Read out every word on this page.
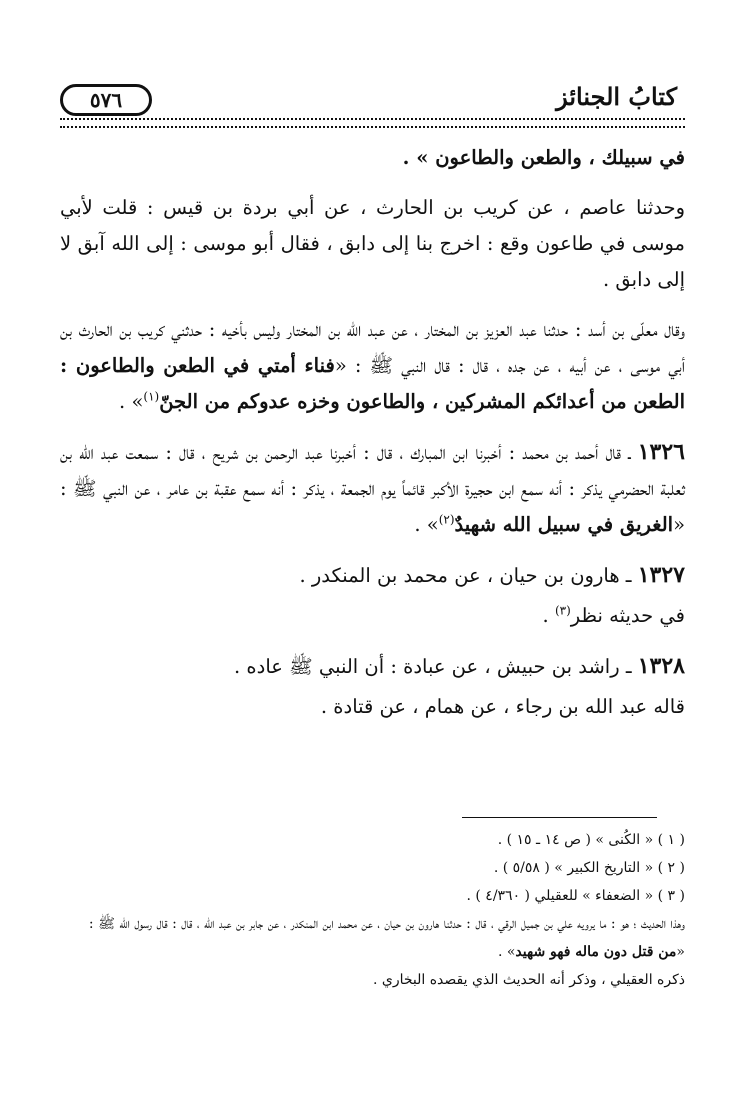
٥٧٦	كتابُ الجنائز

في سبيلك ، والطعن والطاعون » .

وحدثنا عاصم ، عن كريب بن الحارث ، عن أبي بردة بن قيس : قلت لأبي موسى في طاعون وقع : اخرج بنا إلى دابق ، فقال أبو موسى : إلى الله آبق لا إلى دابق .

وقال معلّى بن أسد : حدثنا عبد العزيز بن المختار ، عن عبد الله بن المختار وليس بأخيه : حدثني كريب بن الحارث بن أبي موسى ، عن أبيه ، عن جده ، قال : قال النبي ﷺ : «فناء أمتي في الطعن والطاعون : الطعن من أعدائكم المشركين ، والطاعون وخزه عدوكم من الجنّ$^{(١)}$» .

١٣٢٦ ـ قال أحمد بن محمد : أخبرنا ابن المبارك ، قال : أخبرنا عبد الرحمن بن شريح ، قال : سمعت عبد الله بن ثعلبة الحضرمي يذكر : أنه سمع ابن حجيرة الأكبر قائماً يوم الجمعة ، يذكر : أنه سمع عقبة بن عامر ، عن النبي ﷺ : «الغريق في سبيل الله شهيدٌ$^{(٢)}$» .

١٣٢٧ ـ هارون بن حيان ، عن محمد بن المنكدر .

في حديثه نظر$^{(٣)}$ .

١٣٢٨ ـ راشد بن حبيش ، عن عبادة : أن النبي ﷺ عاده .

قاله عبد الله بن رجاء ، عن همام ، عن قتادة .

( ١ ) « الكُنى » ( ص ١٤ ـ ١٥ ) .

( ٢ ) « التاريخ الكبير » ( ٥/٥٨ ) .

( ٣ ) « الضعفاء » للعقيلي ( ٤/٣٦٠ ) .

وهذا الحديث ؛ هو : ما يرويه علي بن جميل الرقي ، قال : حدثنا هارون بن حيان ، عن محمد ابن المنكدر ، عن جابر بن عبد الله ، قال : قال رسول الله ﷺ : «من قتل دون ماله فهو شهيد» .

ذكره العقيلي ، وذكر أنه الحديث الذي يقصده البخاري .
